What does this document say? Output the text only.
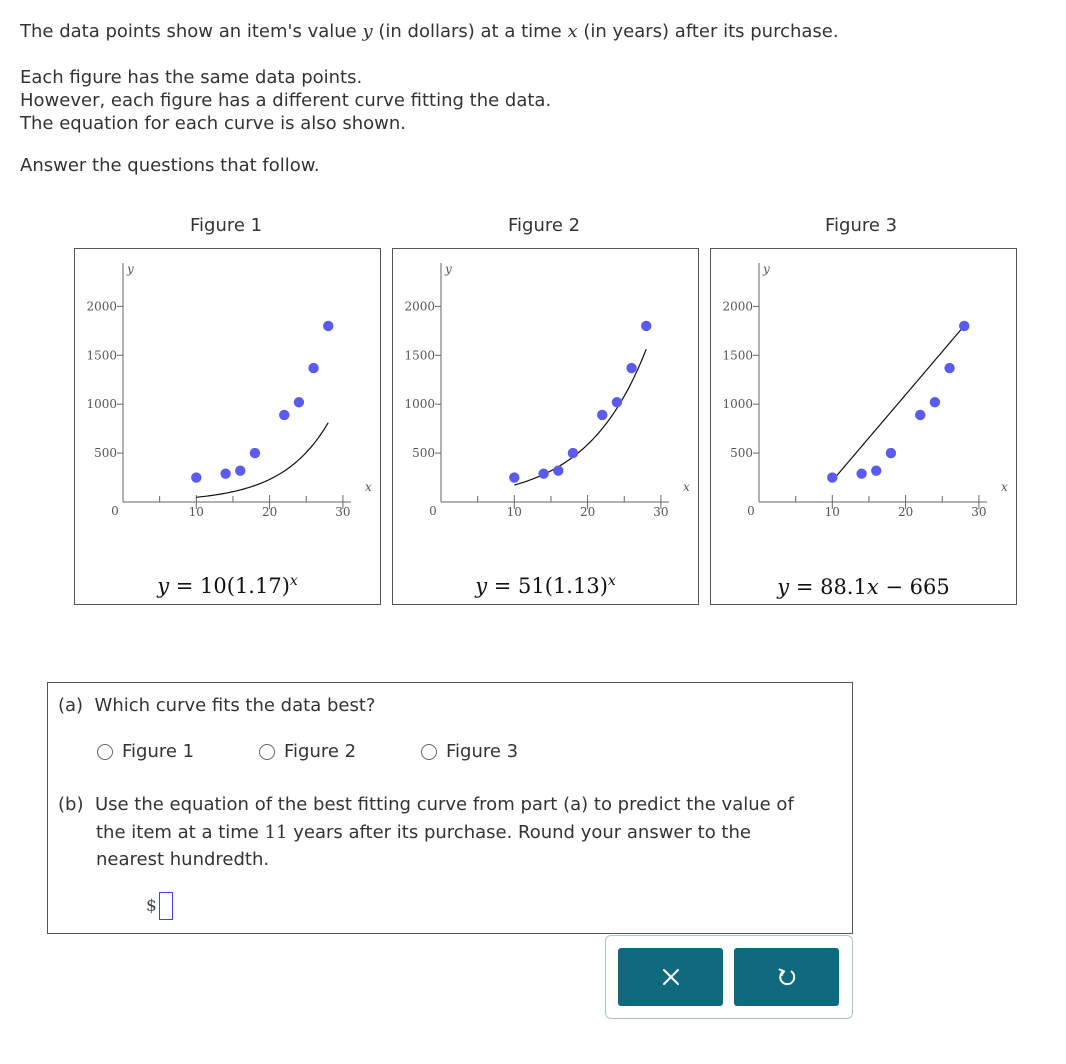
The data points show an item's value y (in dollars) at a time x (in years) after its purchase.
Each figure has the same data points.
However, each figure has a different curve fitting the data.
The equation for each curve is also shown.
Answer the questions that follow.
Figure 1	Figure 2	Figure 3
y
x
0	10	20	30
500
1000
1500
2000
y
x
0	10	20	30
500
1000
1500
2000
y
x
0	10	20	30
500
1000
1500
2000
$y = 10(1.17)^x$	$y = 51(1.13)^x$	y = 88.1x − 665
(a) Which curve fits the data best?
Figure 1	Figure 2	Figure 3
(b) Use the equation of the best fitting curve from part (a) to predict the value of
the item at a time 11 years after its purchase. Round your answer to the
nearest hundredth.
$
